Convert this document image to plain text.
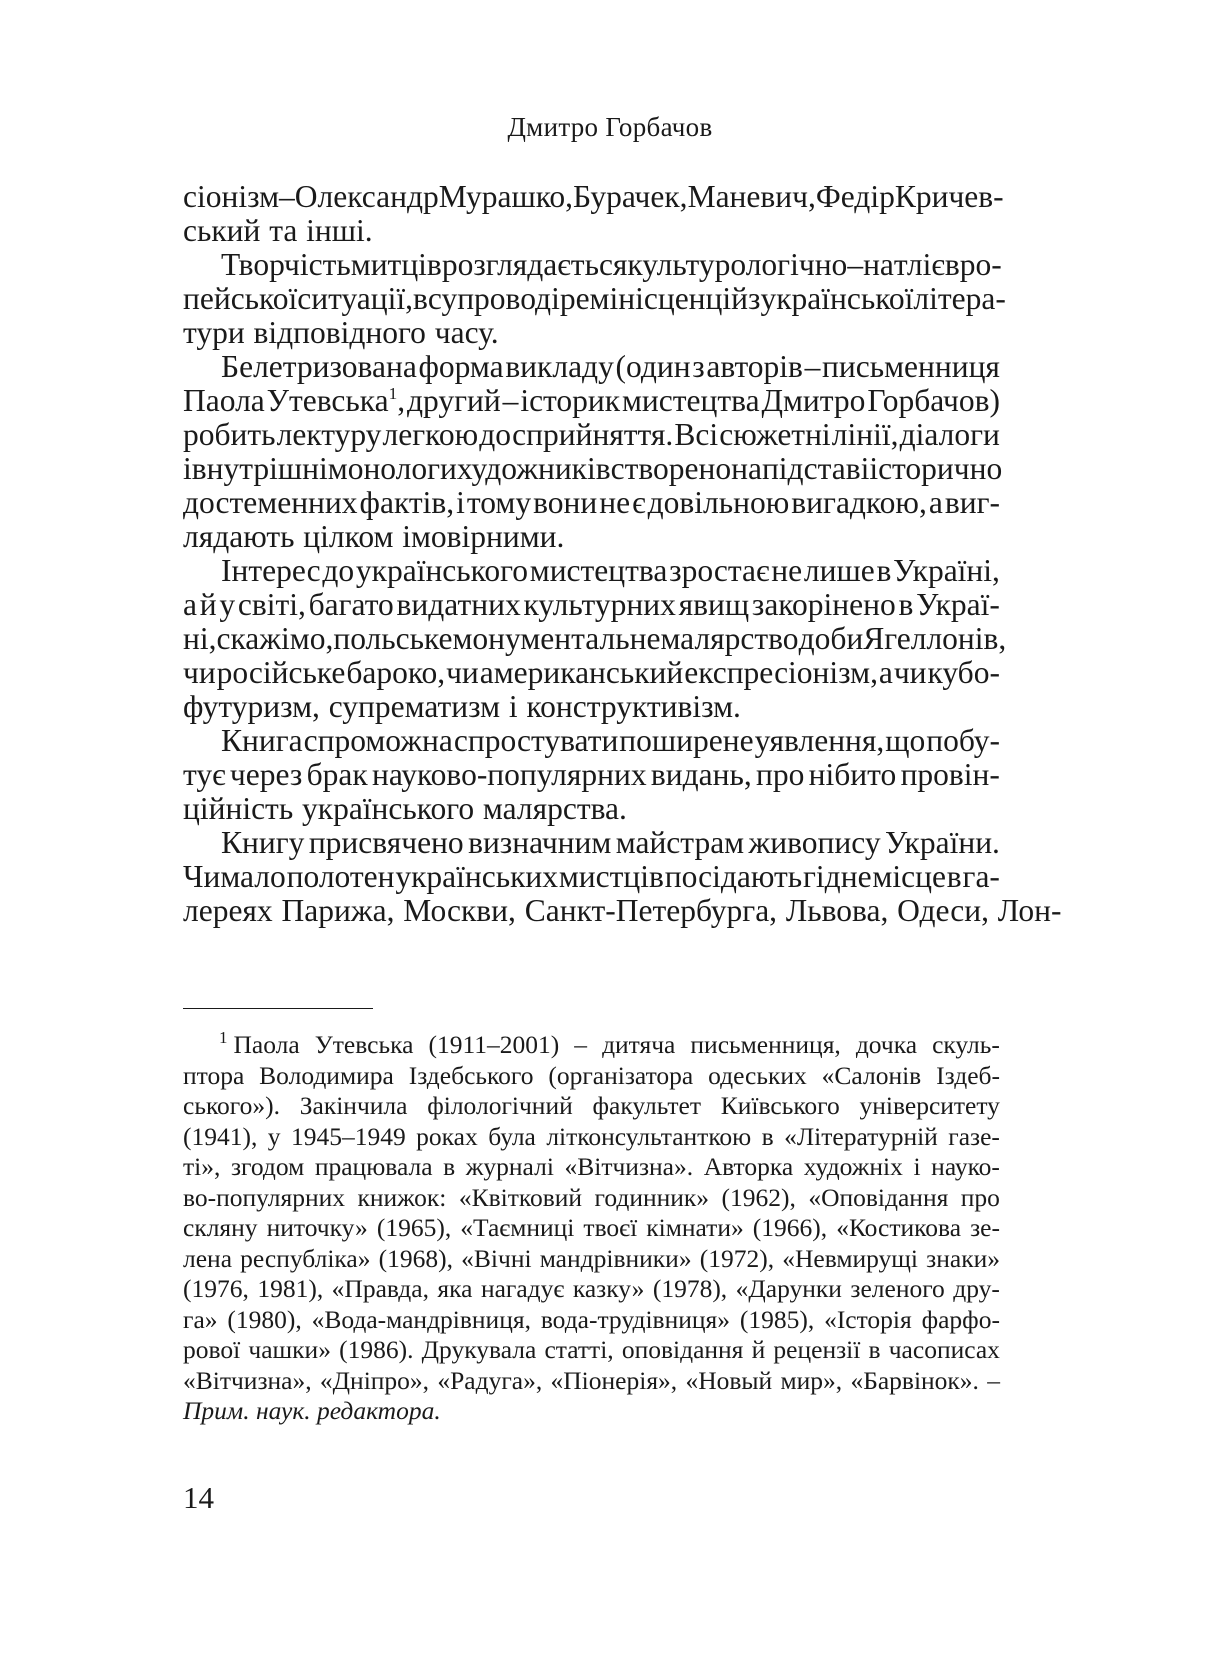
Дмитро Горбачов
сіонізм – Олександр Мурашко, Бурачек, Маневич, Федір Кричев-
ський та інші.
Творчість митців розглядається культурологічно – на тлі євро-
пейської ситуації, в супроводі ремінісценцій з української літера-
тури відповідного часу.
Белетризована форма викладу (один з авторів – письменниця
Паола Утевська$^1$, другий – історик мистецтва Дмитро Горбачов)
робить лектуру легкою до сприйняття. Всі сюжетні лінії, діалоги
і внутрішні монологи художників створено на підставі історично
достеменних фактів, і тому вони не є довільною вигадкою, а виг-
лядають цілком імовірними.
Інтерес до українського мистецтва зростає не лише в Україні,
а й у світі, багато видатних культурних явищ закорінено в Украї-
ні, скажімо, польське монументальне малярство доби Ягеллонів,
чи російське бароко, чи американський експресіонізм, а чи кубо-
футуризм, супрематизм і конструктивізм.
Книга спроможна спростувати поширене уявлення, що побу-
тує через брак науково-популярних видань, про нібито провін-
ційність українського малярства.
Книгу присвячено визначним майстрам живопису України.
Чимало полотен українських мистців посідають гідне місце в га-
лереях Парижа, Москви, Санкт-Петербурга, Львова, Одеси, Лон-
$^1$ Паола Утевська (1911–2001) – дитяча письменниця, дочка скуль-
птора Володимира Іздебського (організатора одеських «Салонів Іздеб-
ського»). Закінчила філологічний факультет Київського університету
(1941), у 1945–1949 роках була літконсультанткою в «Літературній газе-
ті», згодом працювала в журналі «Вітчизна». Авторка художніх і науко-
во-популярних книжок: «Квітковий годинник» (1962), «Оповідання про
скляну ниточку» (1965), «Таємниці твоєї кімнати» (1966), «Костикова зе-
лена республіка» (1968), «Вічні мандрівники» (1972), «Невмирущі знаки»
(1976, 1981), «Правда, яка нагадує казку» (1978), «Дарунки зеленого дру-
га» (1980), «Вода-мандрівниця, вода-трудівниця» (1985), «Історія фарфо-
рової чашки» (1986). Друкувала статті, оповідання й рецензії в часописах
«Вітчизна», «Дніпро», «Радуга», «Піонерія», «Новый мир», «Барвінок». –
Прим. наук. редактора.
14
